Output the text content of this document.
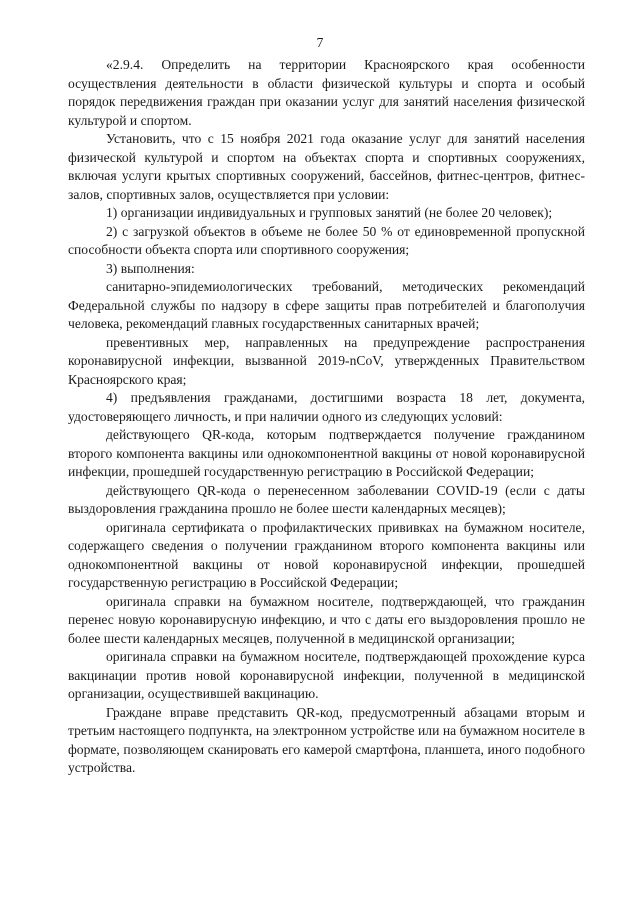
7

«2.9.4. Определить на территории Красноярского края особенности осуществления деятельности в области физической культуры и спорта и особый порядок передвижения граждан при оказании услуг для занятий населения физической культурой и спортом.

Установить, что с 15 ноября 2021 года оказание услуг для занятий населения физической культурой и спортом на объектах спорта и спортивных сооружениях, включая услуги крытых спортивных сооружений, бассейнов, фитнес-центров, фитнес-залов, спортивных залов, осуществляется при условии:

1) организации индивидуальных и групповых занятий (не более 20 человек);

2) с загрузкой объектов в объеме не более 50 % от единовременной пропускной способности объекта спорта или спортивного сооружения;

3) выполнения:

санитарно-эпидемиологических требований, методических рекомендаций Федеральной службы по надзору в сфере защиты прав потребителей и благополучия человека, рекомендаций главных государственных санитарных врачей;

превентивных мер, направленных на предупреждение распространения коронавирусной инфекции, вызванной 2019-nCoV, утвержденных Правительством Красноярского края;

4) предъявления гражданами, достигшими возраста 18 лет, документа, удостоверяющего личность, и при наличии одного из следующих условий:

действующего QR-кода, которым подтверждается получение гражданином второго компонента вакцины или однокомпонентной вакцины от новой коронавирусной инфекции, прошедшей государственную регистрацию в Российской Федерации;

действующего QR-кода о перенесенном заболевании COVID-19 (если с даты выздоровления гражданина прошло не более шести календарных месяцев);

оригинала сертификата о профилактических прививках на бумажном носителе, содержащего сведения о получении гражданином второго компонента вакцины или однокомпонентной вакцины от новой коронавирусной инфекции, прошедшей государственную регистрацию в Российской Федерации;

оригинала справки на бумажном носителе, подтверждающей, что гражданин перенес новую коронавирусную инфекцию, и что с даты его выздоровления прошло не более шести календарных месяцев, полученной в медицинской организации;

оригинала справки на бумажном носителе, подтверждающей прохождение курса вакцинации против новой коронавирусной инфекции, полученной в медицинской организации, осуществившей вакцинацию.

Граждане вправе представить QR-код, предусмотренный абзацами вторым и третьим настоящего подпункта, на электронном устройстве или на бумажном носителе в формате, позволяющем сканировать его камерой смартфона, планшета, иного подобного устройства.
